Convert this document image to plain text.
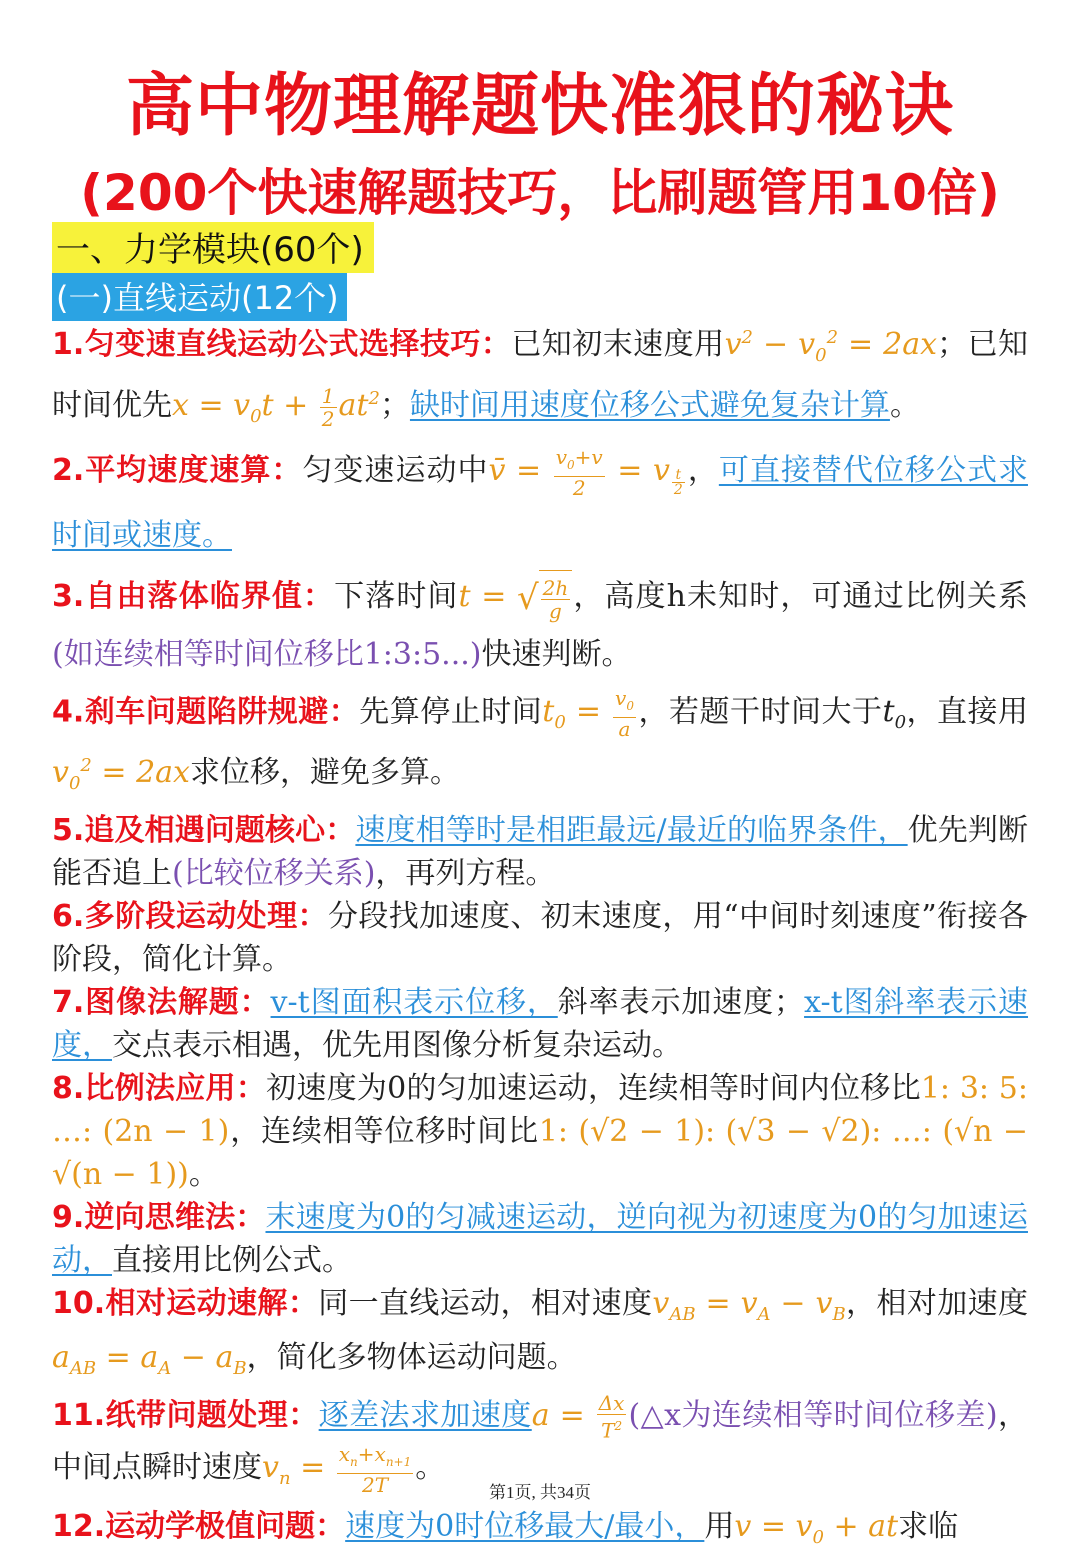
高中物理解题快准狠的秘诀
(200个快速解题技巧，比刷题管用10倍)
一、力学模块(60个)
(一)直线运动(12个)

1.匀变速直线运动公式选择技巧：已知初末速度用$v^2 - v_0^2 = 2ax$；已知时间优先$x = v_0t + \frac{1}{2} at^2$；缺时间用速度位移公式避免复杂计算。

2.平均速度速算：匀变速运动中v̄ = $\frac{v_0+v}{2} = v$ $_{\frac{t}{2}}$ ，可直接替代位移公式求时间或速度。

3.自由落体临界值：下落时间t = √ $\frac{2h}{g}$ ，高度h未知时，可通过比例关系(如连续相等时间位移比1:3:5...)快速判断。

4.刹车问题陷阱规避：先算停止时间$t_0 = \frac{v_0}{a}$ ，若题干时间大于$t_0$，直接用$v_0^2 = 2ax$求位移，避免多算。

5.追及相遇问题核心：速度相等时是相距最远/最近的临界条件，优先判断能否追上(比较位移关系)，再列方程。

6.多阶段运动处理：分段找加速度、初末速度，用“中间时刻速度”衔接各阶段，简化计算。

7.图像法解题：v-t图面积表示位移，斜率表示加速度；x-t图斜率表示速度，交点表示相遇，优先用图像分析复杂运动。

8.比例法应用：初速度为0的匀加速运动，连续相等时间内位移比1: 3: 5: …: (2n − 1)，连续相等位移时间比1: (√2 − 1): (√3 − √2): …: (√n − √(n − 1))。

9.逆向思维法：末速度为0的匀减速运动，逆向视为初速度为0的匀加速运动，直接用比例公式。

10.相对运动速解：同一直线运动，相对速度$v_{AB} = v_A - v_B$，相对加速度$a_{AB} = a_A - a_B$，简化多物体运动问题。

11.纸带问题处理：逐差法求加速度$a = \frac{\Delta x}{T^2}$ (△x为连续相等时间位移差)，中间点瞬时速度$v_n = \frac{x_n+x_{n+1}}{2T}$ 。

12.运动学极值问题：速度为0时位移最大/最小，用$v = v_0$ + at求临

第1页, 共34页
